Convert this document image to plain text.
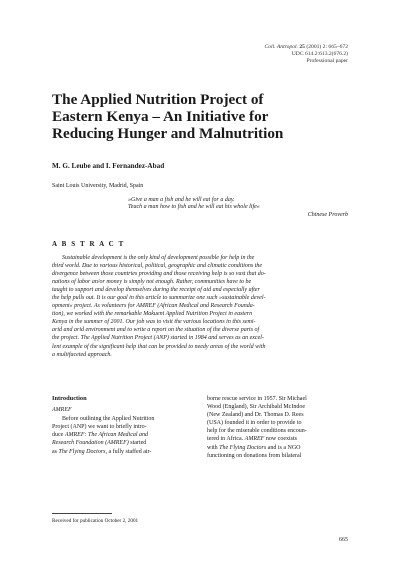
Coll. Antropol. 25 (2001) 2: 665–672
UDC 614.2:613.2(676.2)
Professional paper
The Applied Nutrition Project of
Eastern Kenya – An Initiative for
Reducing Hunger and Malnutrition
M. G. Leube and I. Fernandez-Abad
Saint Louis University, Madrid, Spain
»Give a man a fish and he will eat for a day.
Teach a man how to fish and he will eat his whole life«
Chinese Proverb
A B S T R A C T
Sustainable development is the only kind of development possible for help in the
third world. Due to various historical, political, geographic and climatic conditions the
divergence between those countries providing and those receiving help is so vast that do-
nations of labor an/or money is simply not enough. Rather, communities have to be
taught to support and develop themselves during the receipt of aid and especially after
the help pulls out. It is our goal in this article to summarize one such »sustainable devel-
opment« project. As volunteers for AMREF (African Medical and Research Founda-
tion), we worked with the remarkable Makueni Applied Nutrition Project in eastern
Kenya in the summer of 2001. Our job was to visit the various locations in this semi-
arid and arid environment and to write a report on the situation of the diverse parts of
the project. The Applied Nutrition Project (ANP) started in 1984 and serves as an excel-
lent example of the significant help that can be provided to needy areas of the world with
a multifaceted approach.
Introduction
AMREF
Before outlining the Applied Nutrition
Project (ANP) we want to briefly intro-
duce AMREF: The African Medical and
Research Foundation (AMREF) started
as The Flying Doctors, a fully staffed air-
borne rescue service in 1957. Sir Michael
Wood (England), Sir Archibald McIndoe
(New Zealand) and Dr. Thomas D. Rees
(USA) founded it in order to provide to
help for the miserable conditions encoun-
tered in Africa. AMREF now coexists
with The Flying Doctors and is a NGO
functioning on donations from bilateral
Received for publication October 2, 2001
665
